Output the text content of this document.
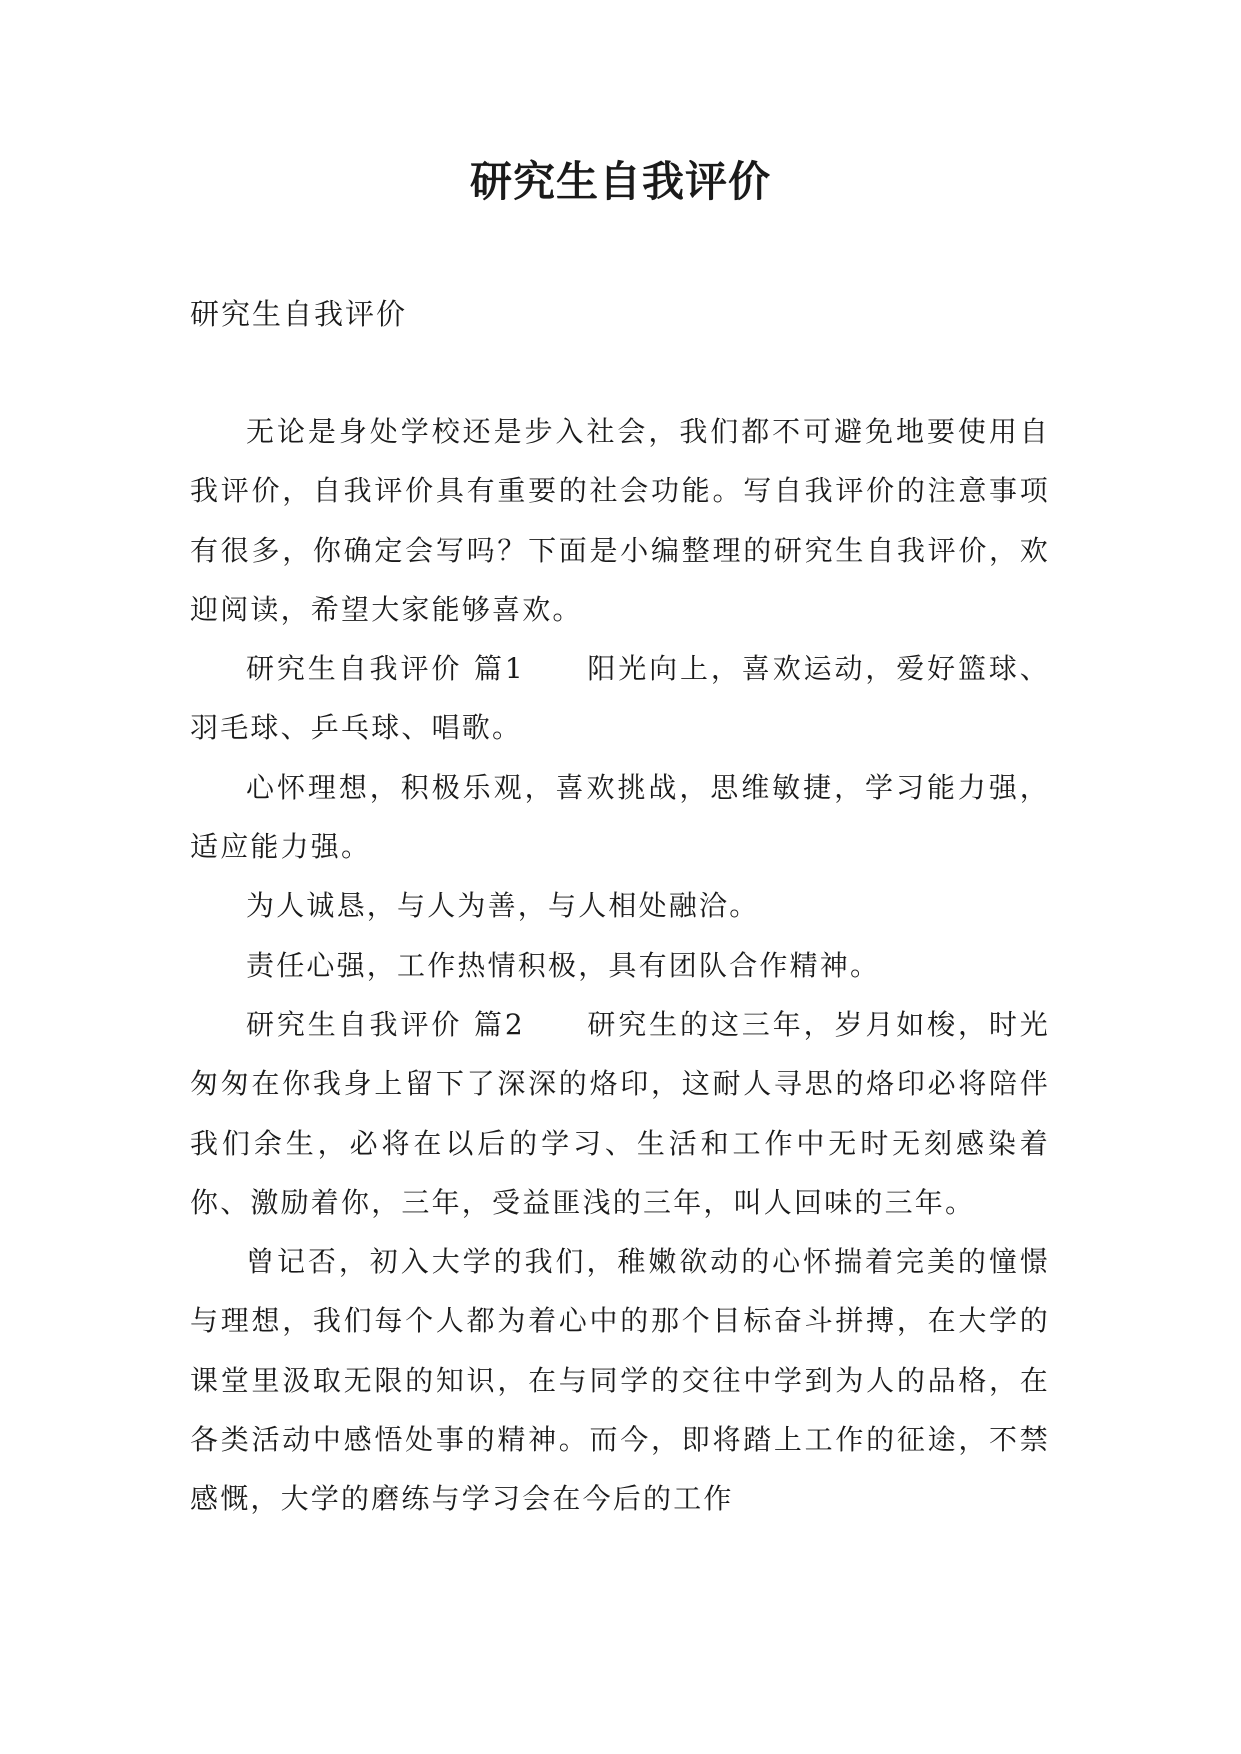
研究生自我评价

研究生自我评价

无论是身处学校还是步入社会，我们都不可避免地要使用自我评价，自我评价具有重要的社会功能。写自我评价的注意事项有很多，你确定会写吗？下面是小编整理的研究生自我评价，欢迎阅读，希望大家能够喜欢。

研究生自我评价 篇1　　阳光向上，喜欢运动，爱好篮球、羽毛球、乒乓球、唱歌。

心怀理想，积极乐观，喜欢挑战，思维敏捷，学习能力强，适应能力强。

为人诚恳，与人为善，与人相处融洽。

责任心强，工作热情积极，具有团队合作精神。

研究生自我评价 篇2　　研究生的这三年，岁月如梭，时光匆匆在你我身上留下了深深的烙印，这耐人寻思的烙印必将陪伴我们余生，必将在以后的学习、生活和工作中无时无刻感染着你、激励着你，三年，受益匪浅的三年，叫人回味的三年。

曾记否，初入大学的我们，稚嫩欲动的心怀揣着完美的憧憬与理想，我们每个人都为着心中的那个目标奋斗拼搏，在大学的课堂里汲取无限的知识，在与同学的交往中学到为人的品格，在各类活动中感悟处事的精神。而今，即将踏上工作的征途，不禁感慨，大学的磨练与学习会在今后的工作
